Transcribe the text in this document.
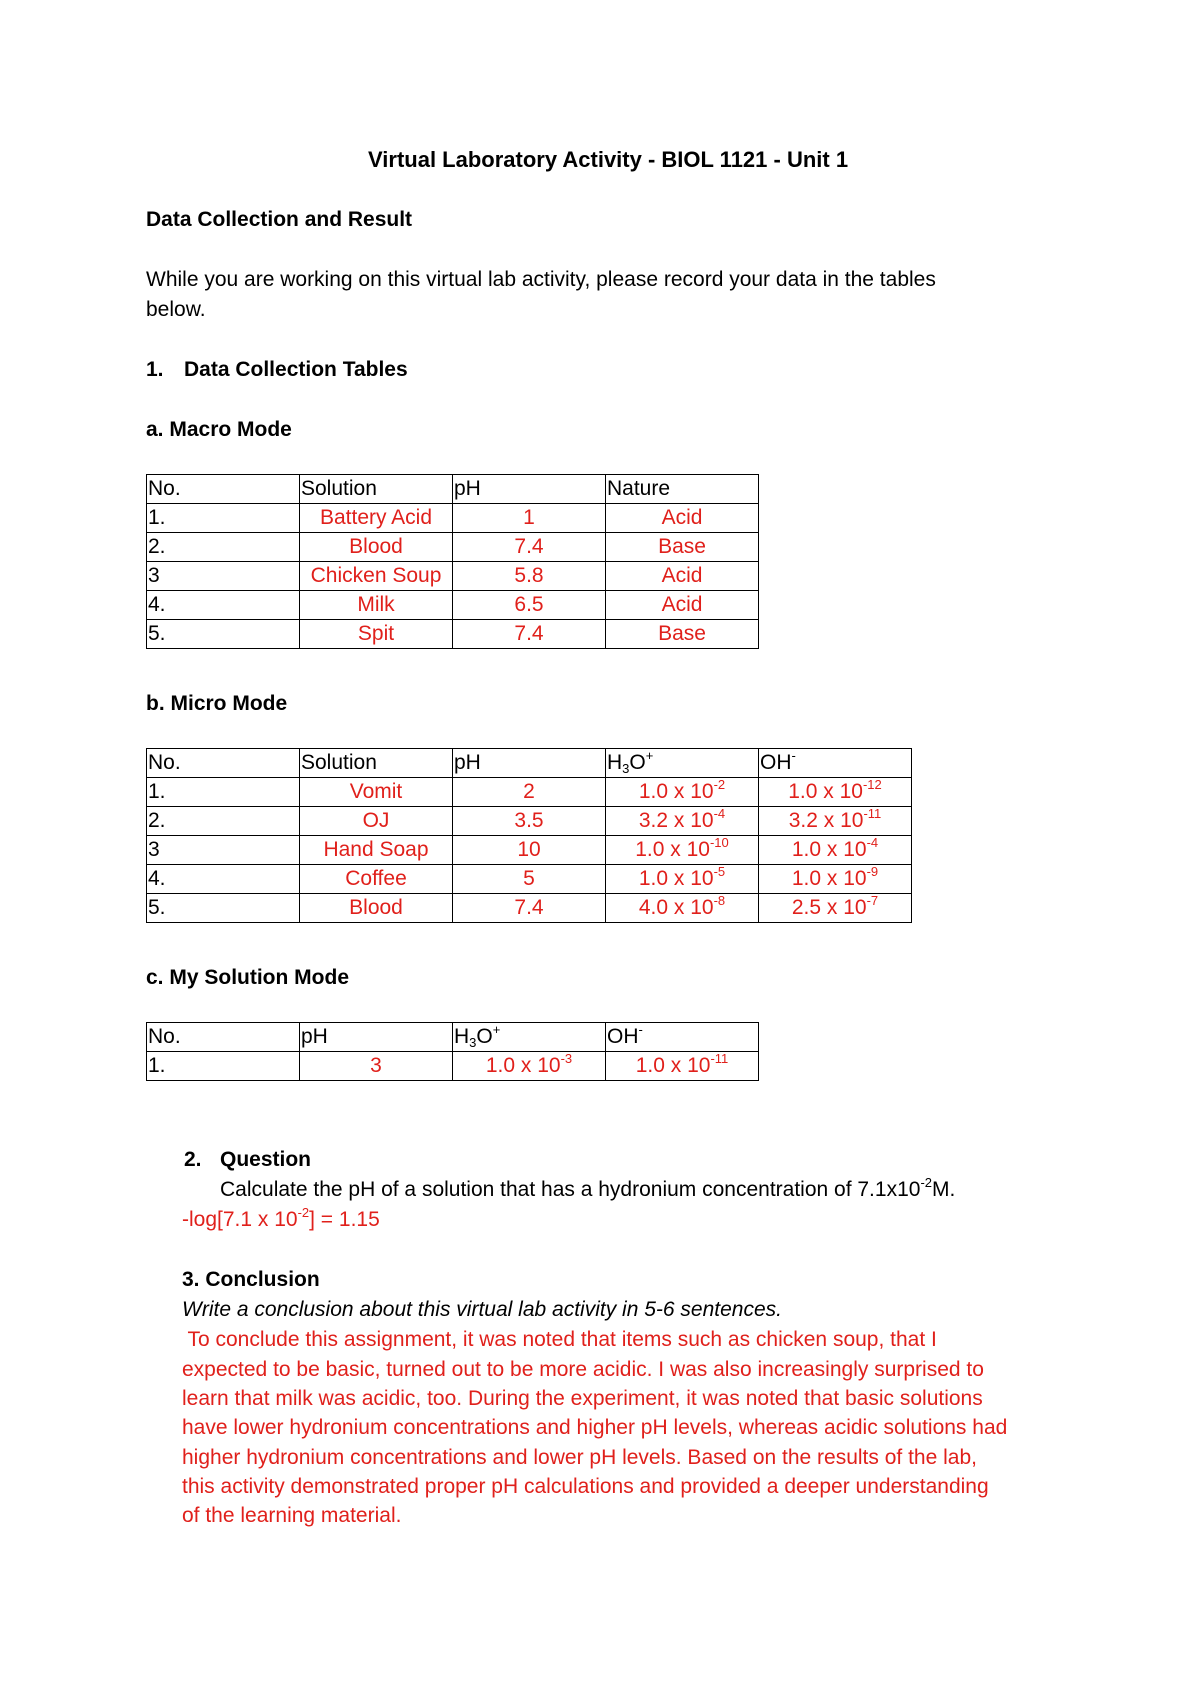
Virtual Laboratory Activity - BIOL 1121 - Unit 1
Data Collection and Result
While you are working on this virtual lab activity, please record your data in the tables
below.
1. Data Collection Tables
a. Macro Mode
No.	Solution	pH	Nature
1.	Battery Acid	1	Acid
2.	Blood	7.4	Base
3	Chicken Soup	5.8	Acid
4.	Milk	6.5	Acid
5.	Spit	7.4	Base
b. Micro Mode
No.	Solution	pH	$H_3O^+$	OH-
1.	Vomit	2	1.0 x $10^{-2}$	1.0 x $10^{-12}$
2.	OJ	3.5	3.2 x $10^{-4}$	3.2 x $10^{-11}$
3	Hand Soap	10	1.0 x $10^{-10}$	1.0 x $10^{-4}$
4.	Coffee	5	1.0 x $10^{-5}$	1.0 x $10^{-9}$
5.	Blood	7.4	4.0 x $10^{-8}$	2.5 x $10^{-7}$
c. My Solution Mode
No.	pH	$H_3O^+$	OH-
1.	3	1.0 x $10^{-3}$	1.0 x $10^{-11}$
2. Question
Calculate the pH of a solution that has a hydronium concentration of $7.1x10^{-2}M$.
-log[7.1 x $10^{-2}] = 1.15$
3. Conclusion
Write a conclusion about this virtual lab activity in 5-6 sentences.
To conclude this assignment, it was noted that items such as chicken soup, that I
expected to be basic, turned out to be more acidic. I was also increasingly surprised to
learn that milk was acidic, too. During the experiment, it was noted that basic solutions
have lower hydronium concentrations and higher pH levels, whereas acidic solutions had
higher hydronium concentrations and lower pH levels. Based on the results of the lab,
this activity demonstrated proper pH calculations and provided a deeper understanding
of the learning material.
